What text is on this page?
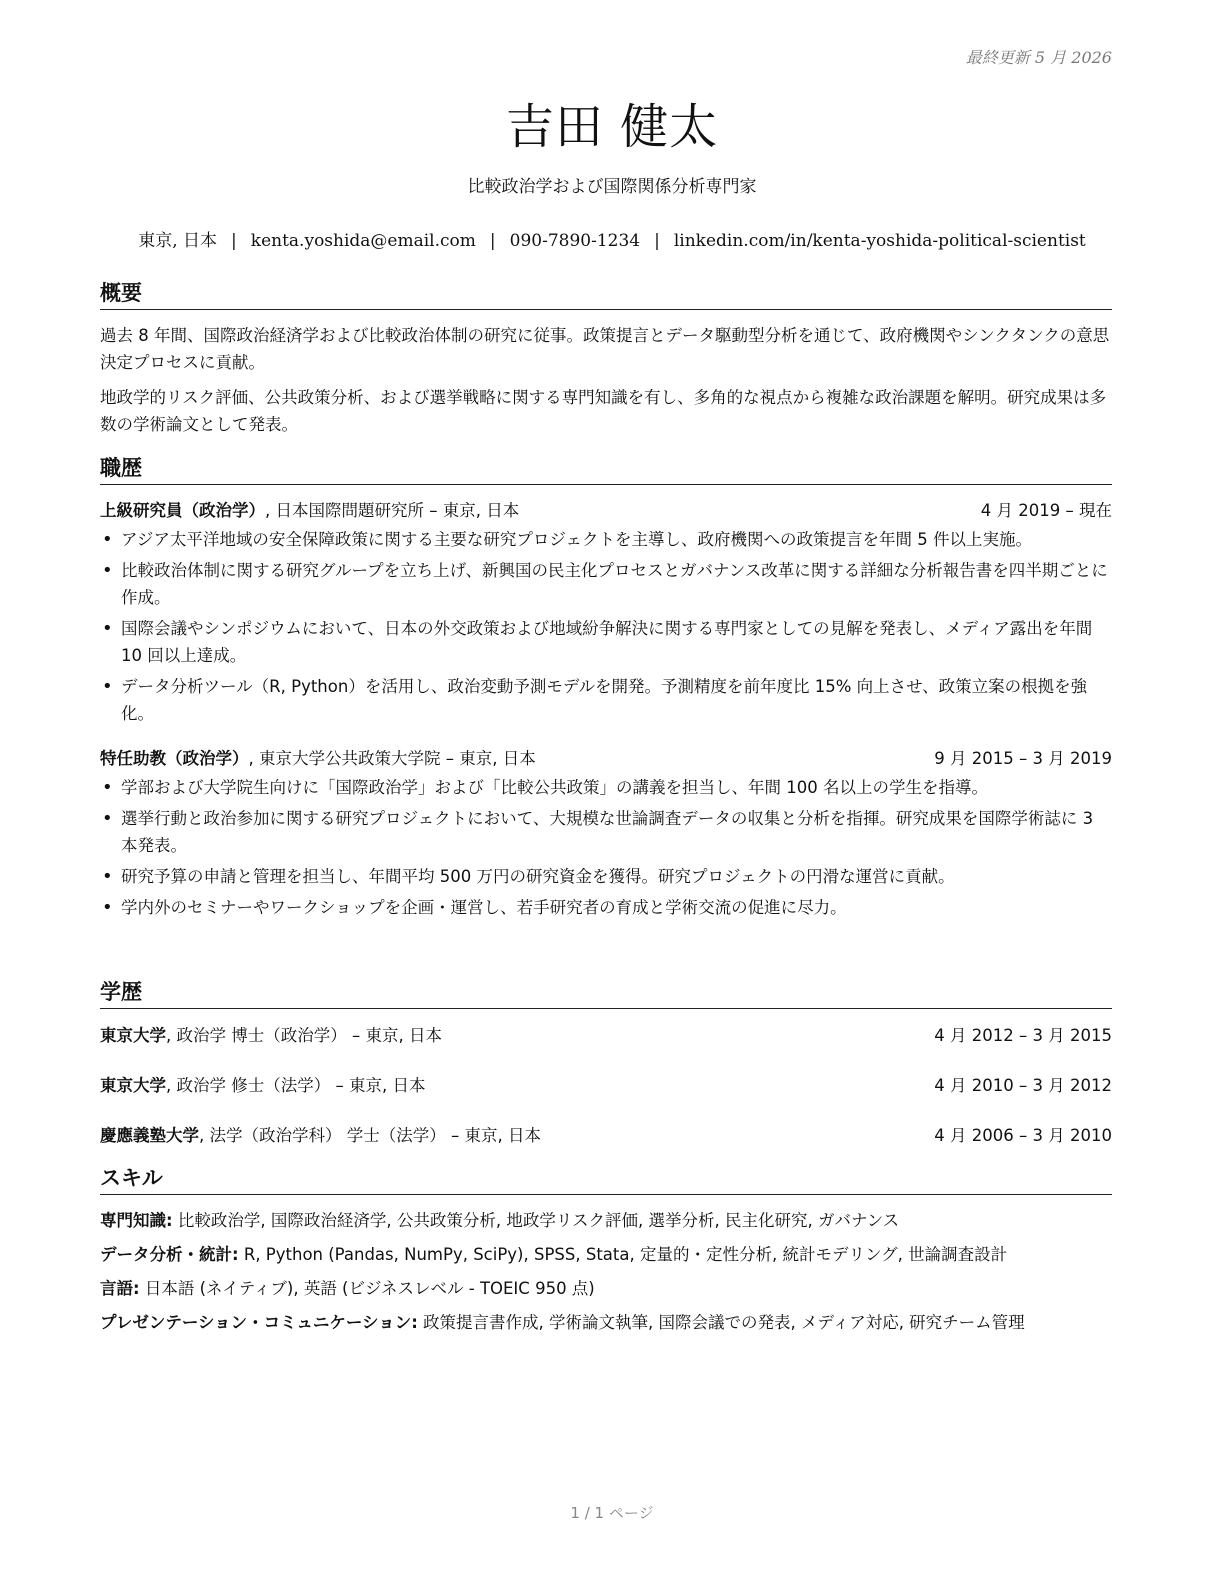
最終更新 5 月 2026
吉田 健太
比較政治学および国際関係分析専門家
東京, 日本 | kenta.yoshida@email.com | 090-7890-1234 | linkedin.com/in/kenta-yoshida-political-scientist
概要

過去 8 年間、国際政治経済学および比較政治体制の研究に従事。政策提言とデータ駆動型分析を通じて、政府機関やシンクタンクの意思決定プロセスに貢献。

地政学的リスク評価、公共政策分析、および選挙戦略に関する専門知識を有し、多角的な視点から複雑な政治課題を解明。研究成果は多数の学術論文として発表。

職歴
上級研究員（政治学）, 日本国際問題研究所 – 東京, 日本	4 月 2019 – 現在
• アジア太平洋地域の安全保障政策に関する主要な研究プロジェクトを主導し、政府機関への政策提言を年間 5 件以上実施。
• 比較政治体制に関する研究グループを立ち上げ、新興国の民主化プロセスとガバナンス改革に関する詳細な分析報告書を四半期ごとに作成。
• 国際会議やシンポジウムにおいて、日本の外交政策および地域紛争解決に関する専門家としての見解を発表し、メディア露出を年間 10 回以上達成。
• データ分析ツール（R, Python）を活用し、政治変動予測モデルを開発。予測精度を前年度比 15% 向上させ、政策立案の根拠を強化。
特任助教（政治学）, 東京大学公共政策大学院 – 東京, 日本	9 月 2015 – 3 月 2019
• 学部および大学院生向けに「国際政治学」および「比較公共政策」の講義を担当し、年間 100 名以上の学生を指導。
• 選挙行動と政治参加に関する研究プロジェクトにおいて、大規模な世論調査データの収集と分析を指揮。研究成果を国際学術誌に 3 本発表。
• 研究予算の申請と管理を担当し、年間平均 500 万円の研究資金を獲得。研究プロジェクトの円滑な運営に貢献。
• 学内外のセミナーやワークショップを企画・運営し、若手研究者の育成と学術交流の促進に尽力。
学歴
東京大学, 政治学 博士（政治学） – 東京, 日本	4 月 2012 – 3 月 2015
東京大学, 政治学 修士（法学） – 東京, 日本	4 月 2010 – 3 月 2012
慶應義塾大学, 法学（政治学科） 学士（法学） – 東京, 日本	4 月 2006 – 3 月 2010
スキル
専門知識: 比較政治学, 国際政治経済学, 公共政策分析, 地政学リスク評価, 選挙分析, 民主化研究, ガバナンス
データ分析・統計: R, Python (Pandas, NumPy, SciPy), SPSS, Stata, 定量的・定性分析, 統計モデリング, 世論調査設計
言語: 日本語 (ネイティブ), 英語 (ビジネスレベル - TOEIC 950 点)
プレゼンテーション・コミュニケーション: 政策提言書作成, 学術論文執筆, 国際会議での発表, メディア対応, 研究チーム管理
1 / 1 ページ
